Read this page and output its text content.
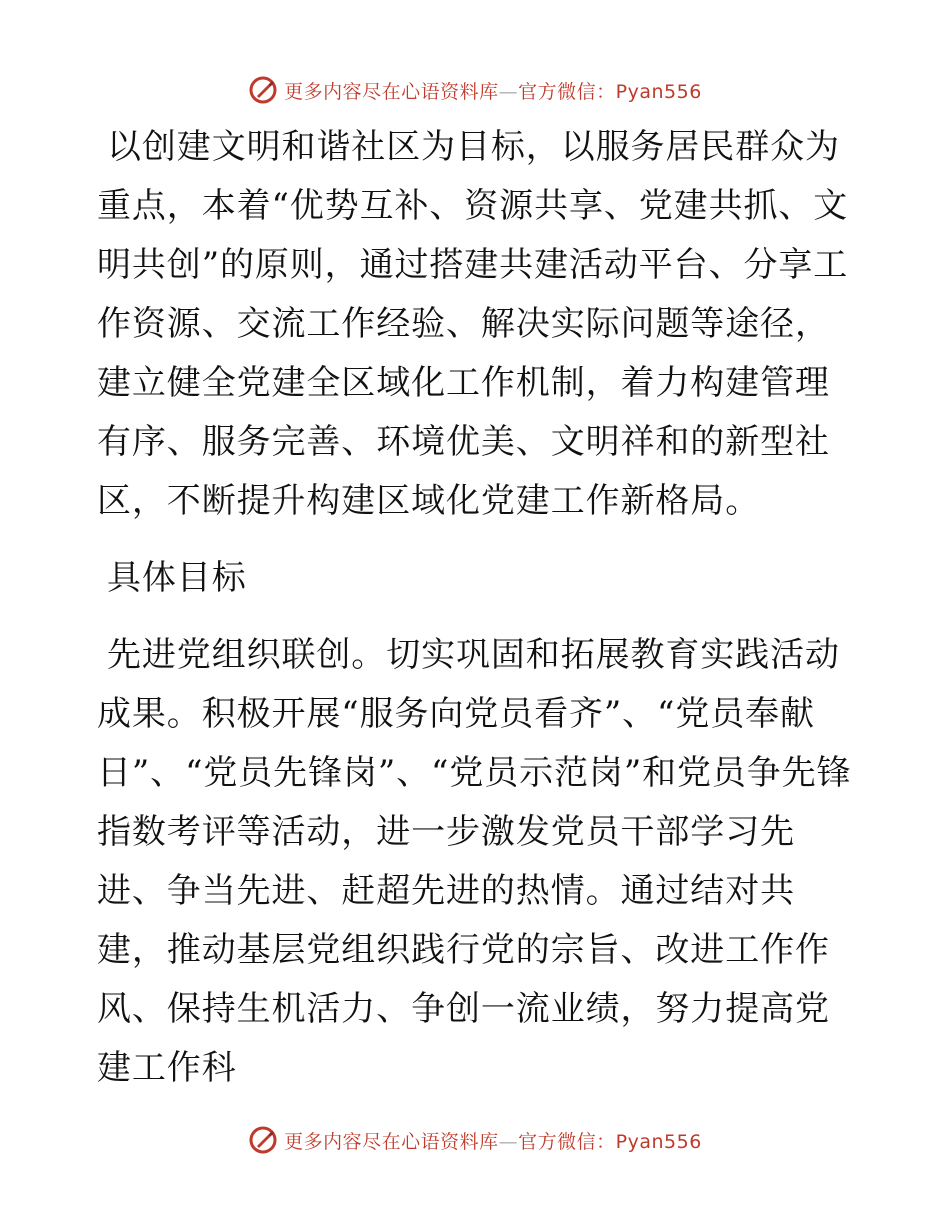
更多内容尽在心语资料库—官方微信：Pyan556

以创建文明和谐社区为目标，以服务居民群众为重点，本着“优势互补、资源共享、党建共抓、文明共创”的原则，通过搭建共建活动平台、分享工作资源、交流工作经验、解决实际问题等途径，建立健全党建全区域化工作机制，着力构建管理有序、服务完善、环境优美、文明祥和的新型社区，不断提升构建区域化党建工作新格局。

具体目标

先进党组织联创。切实巩固和拓展教育实践活动成果。积极开展“服务向党员看齐”、“党员奉献日”、“党员先锋岗”、“党员示范岗”和党员争先锋指数考评等活动，进一步激发党员干部学习先进、争当先进、赶超先进的热情。通过结对共建，推动基层党组织践行党的宗旨、改进工作作风、保持生机活力、争创一流业绩，努力提高党建工作科

更多内容尽在心语资料库—官方微信：Pyan556
